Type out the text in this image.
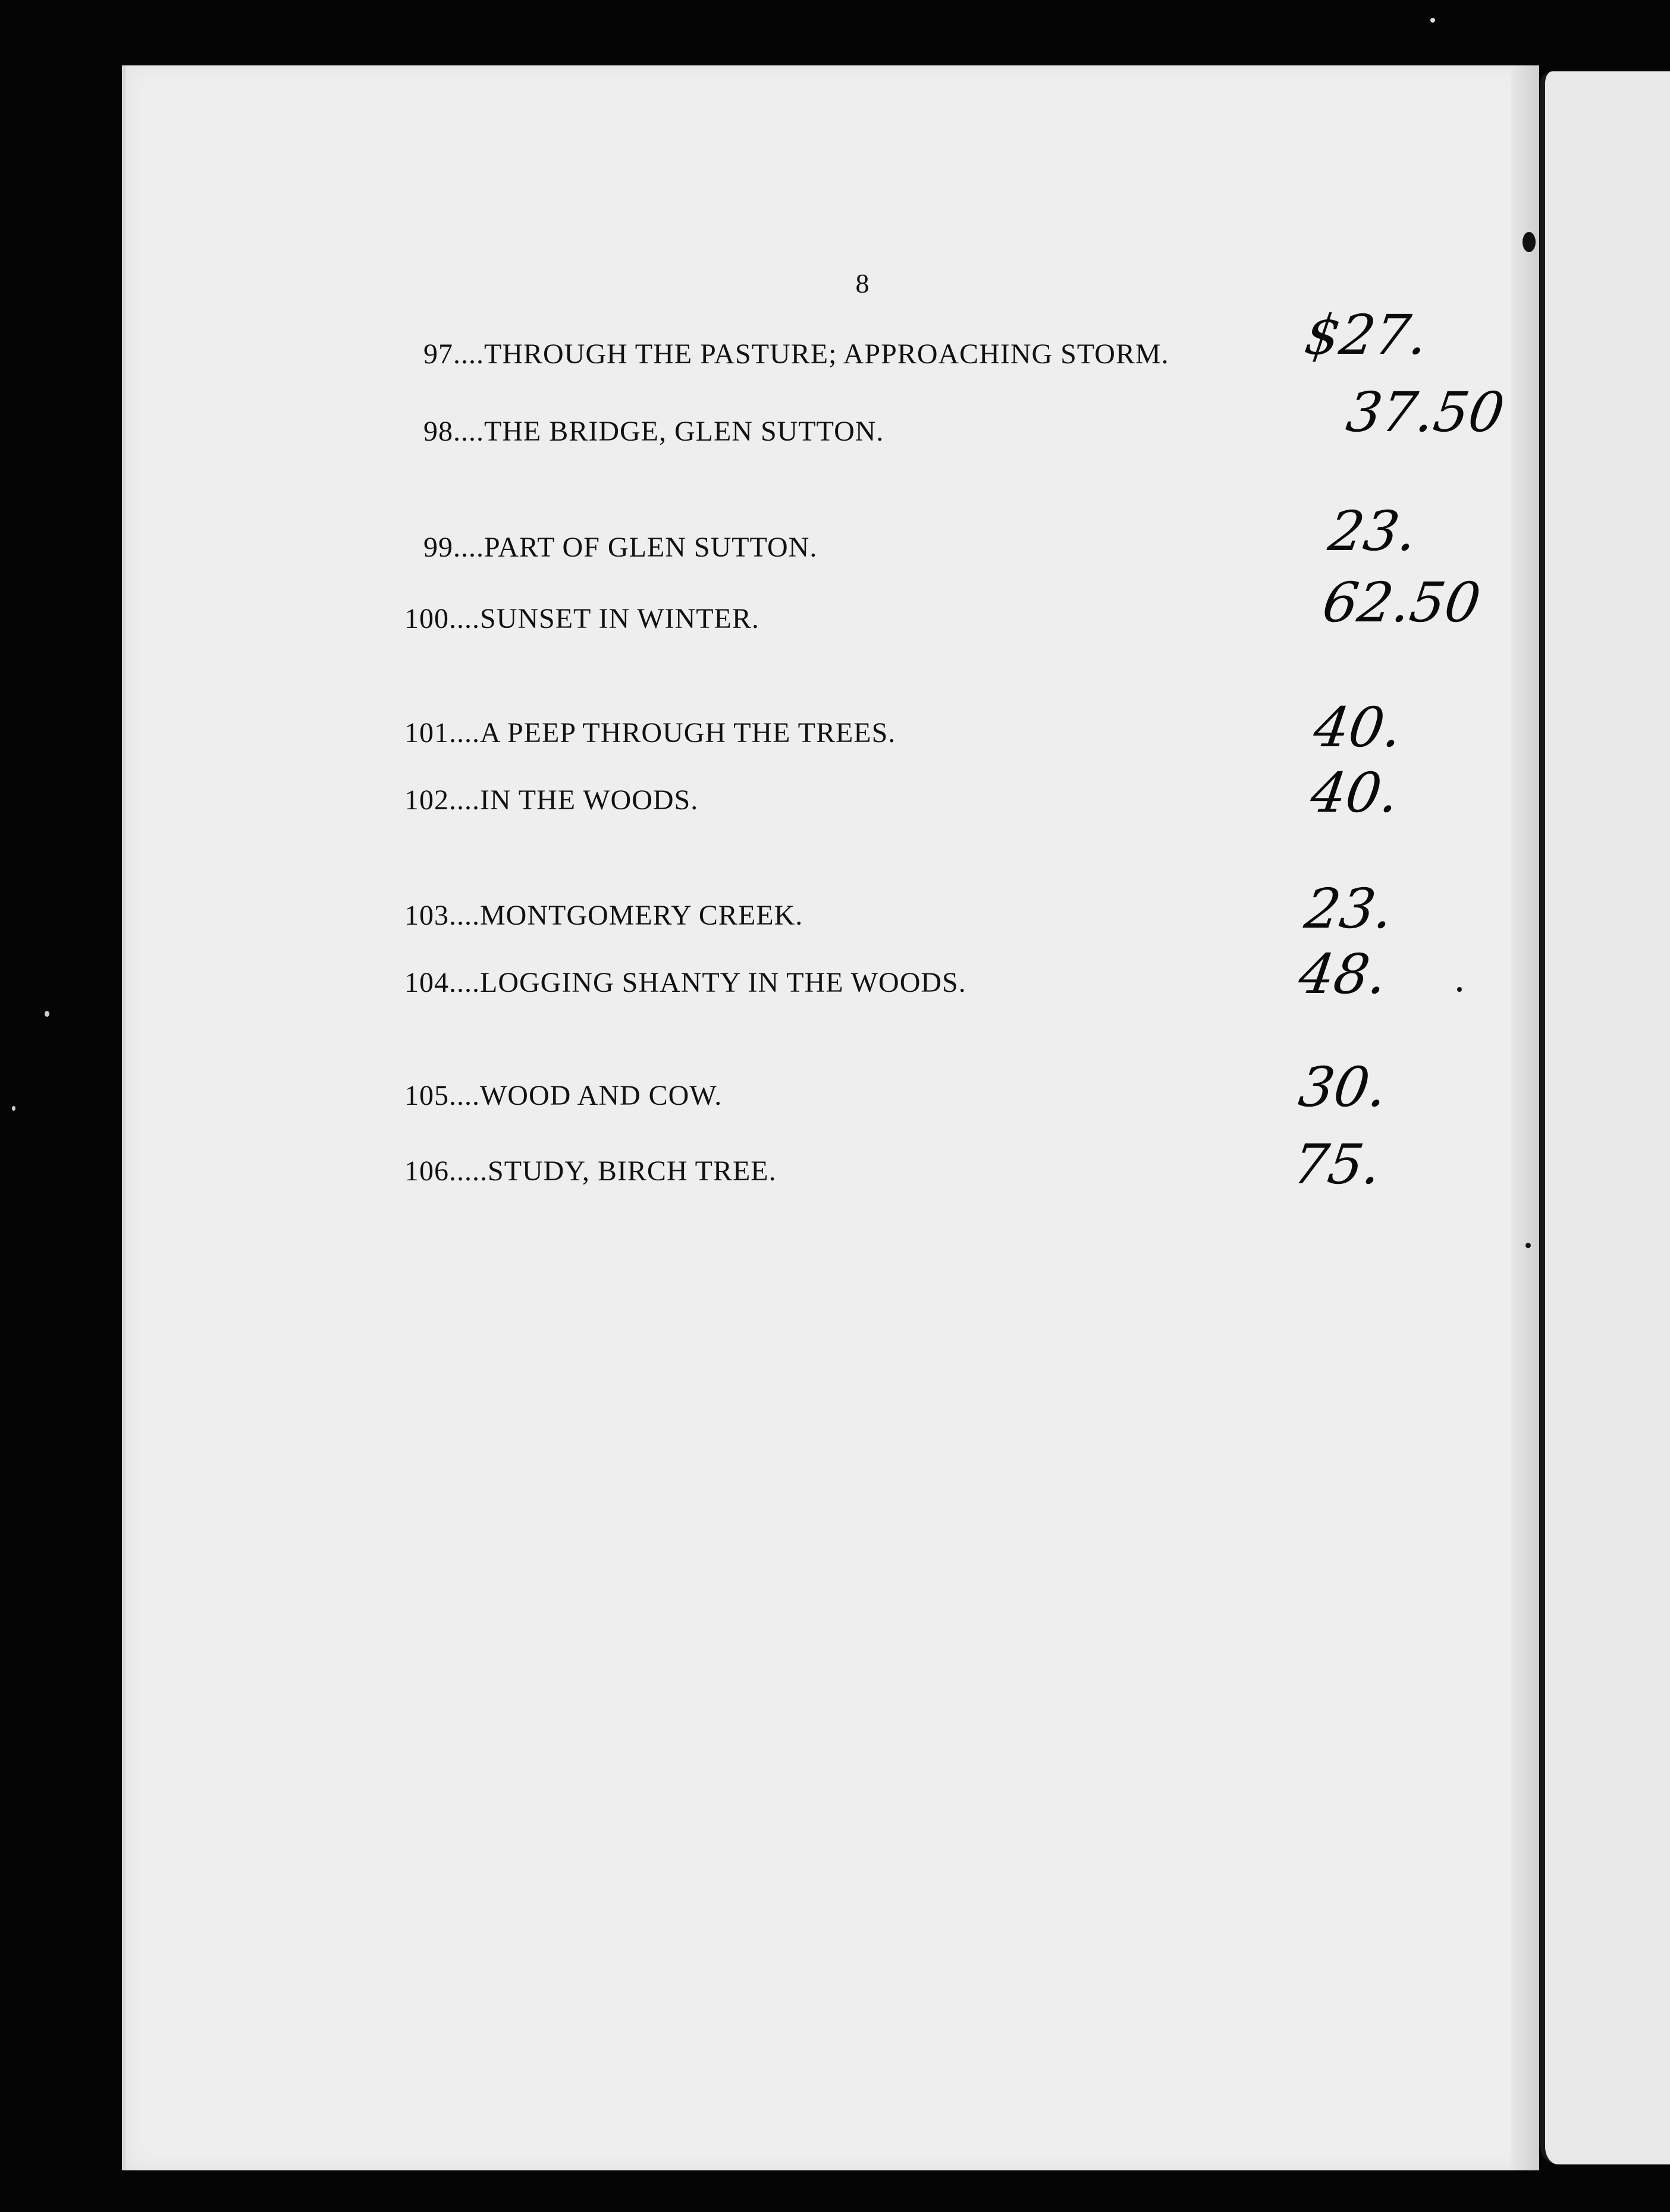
8
97....THROUGH THE PASTURE; APPROACHING STORM. $27.
98....THE BRIDGE, GLEN SUTTON.	37.50
99....PART OF GLEN SUTTON.	23.
100....SUNSET IN WINTER.	62.50
101....A PEEP THROUGH THE TREES.	40.
102....IN THE WOODS.	40.
103....MONTGOMERY CREEK.	23.
104....LOGGING SHANTY IN THE WOODS.	48.
105....WOOD AND COW.	30.
106.....STUDY, BIRCH TREE.	75.
